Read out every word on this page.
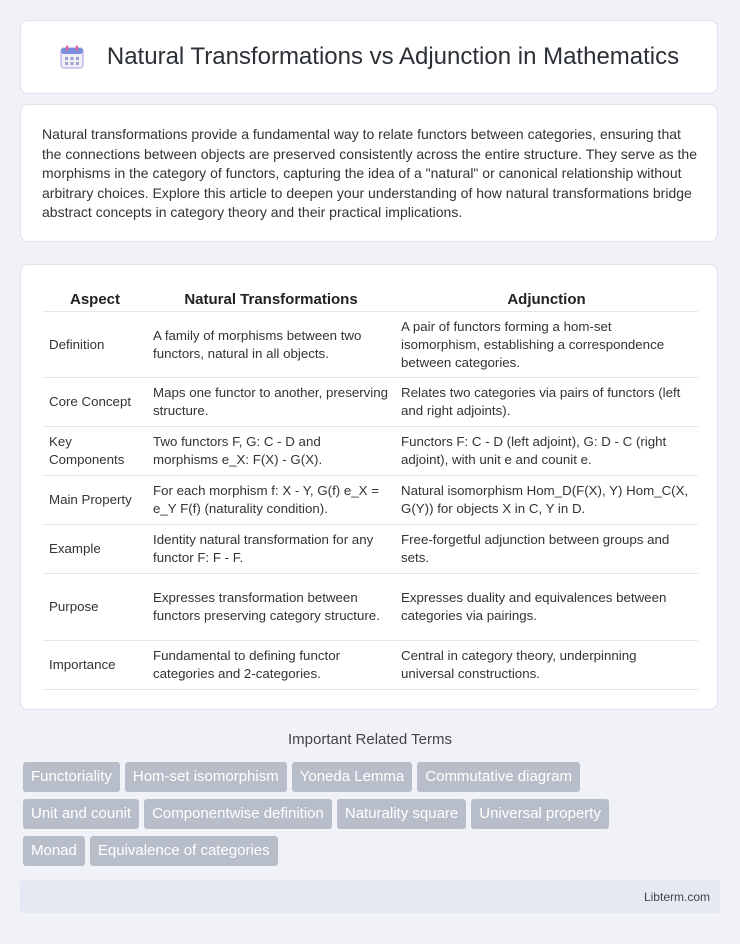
Natural Transformations vs Adjunction in Mathematics

Natural transformations provide a fundamental way to relate functors between categories, ensuring that the connections between objects are preserved consistently across the entire structure. They serve as the morphisms in the category of functors, capturing the idea of a "natural" or canonical relationship without arbitrary choices. Explore this article to deepen your understanding of how natural transformations bridge abstract concepts in category theory and their practical implications.

Aspect	Natural Transformations	Adjunction
Definition	A family of morphisms between two functors, natural in all objects.	A pair of functors forming a hom-set isomorphism, establishing a correspondence between categories.
Core Concept	Maps one functor to another, preserving structure.	Relates two categories via pairs of functors (left and right adjoints).
Key Components	Two functors F, G: C - D and morphisms e_X: F(X) - G(X).	Functors F: C - D (left adjoint), G: D - C (right adjoint), with unit e and counit e.
Main Property	For each morphism f: X - Y, G(f) e_X = e_Y F(f) (naturality condition).	Natural isomorphism Hom_D(F(X), Y) Hom_C(X, G(Y)) for objects X in C, Y in D.
Example	Identity natural transformation for any functor F: F - F.	Free-forgetful adjunction between groups and sets.
Purpose	Expresses transformation between functors preserving category structure.	Expresses duality and equivalences between categories via pairings.
Importance	Fundamental to defining functor categories and 2-categories.	Central in category theory, underpinning universal constructions.
Important Related Terms
Functoriality Hom-set isomorphism Yoneda Lemma Commutative diagram
Unit and counit Componentwise definition Naturality square Universal property
Monad Equivalence of categories
Libterm.com
